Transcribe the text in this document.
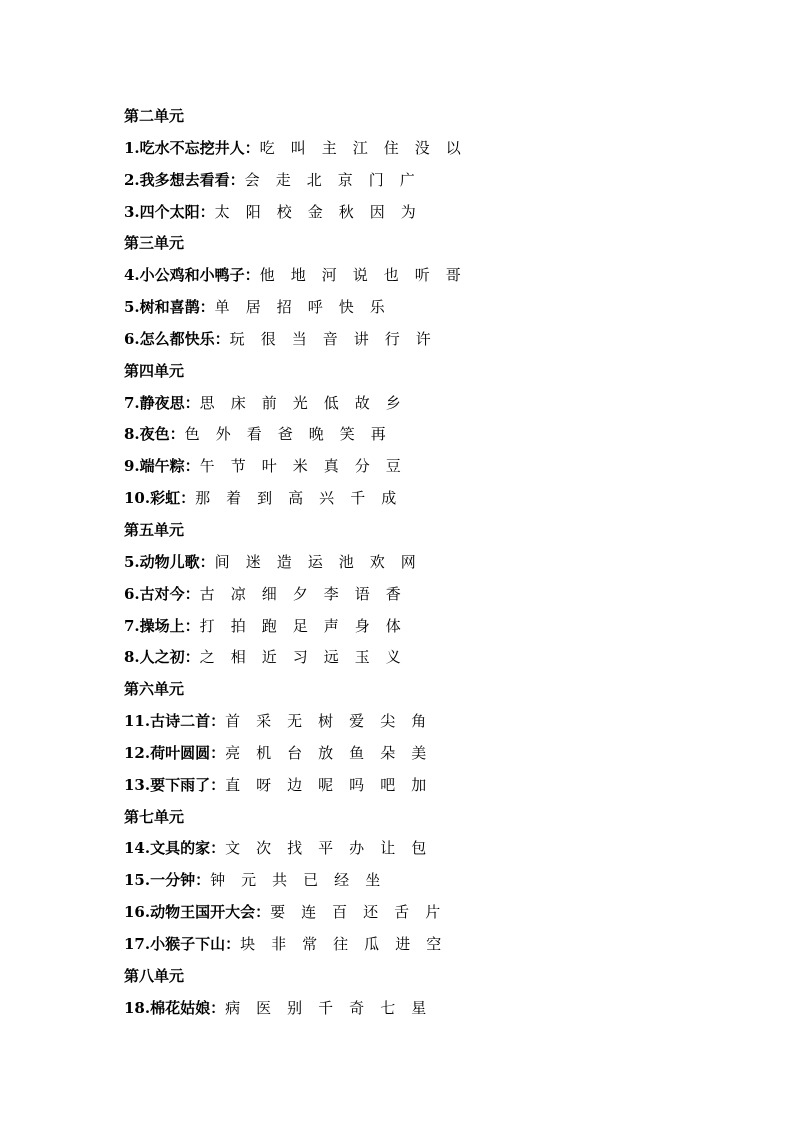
第二单元
1.吃水不忘挖井人：吃 叫 主 江 住 没 以
2.我多想去看看：会 走 北 京 门 广
3.四个太阳：太 阳 校 金 秋 因 为
第三单元
4.小公鸡和小鸭子：他 地 河 说 也 听 哥
5.树和喜鹊：单 居 招 呼 快 乐
6.怎么都快乐：玩 很 当 音 讲 行 许
第四单元
7.静夜思：思 床 前 光 低 故 乡
8.夜色：色 外 看 爸 晚 笑 再
9.端午粽：午 节 叶 米 真 分 豆
10.彩虹：那 着 到 高 兴 千 成
第五单元
5.动物儿歌：间 迷 造 运 池 欢 网
6.古对今：古 凉 细 夕 李 语 香
7.操场上：打 拍 跑 足 声 身 体
8.人之初：之 相 近 习 远 玉 义
第六单元
11.古诗二首：首 采 无 树 爱 尖 角
12.荷叶圆圆：亮 机 台 放 鱼 朵 美
13.要下雨了：直 呀 边 呢 吗 吧 加
第七单元
14.文具的家：文 次 找 平 办 让 包
15.一分钟：钟 元 共 已 经 坐
16.动物王国开大会：要 连 百 还 舌 片
17.小猴子下山：块 非 常 往 瓜 进 空
第八单元
18.棉花姑娘：病 医 别 千 奇 七 星
